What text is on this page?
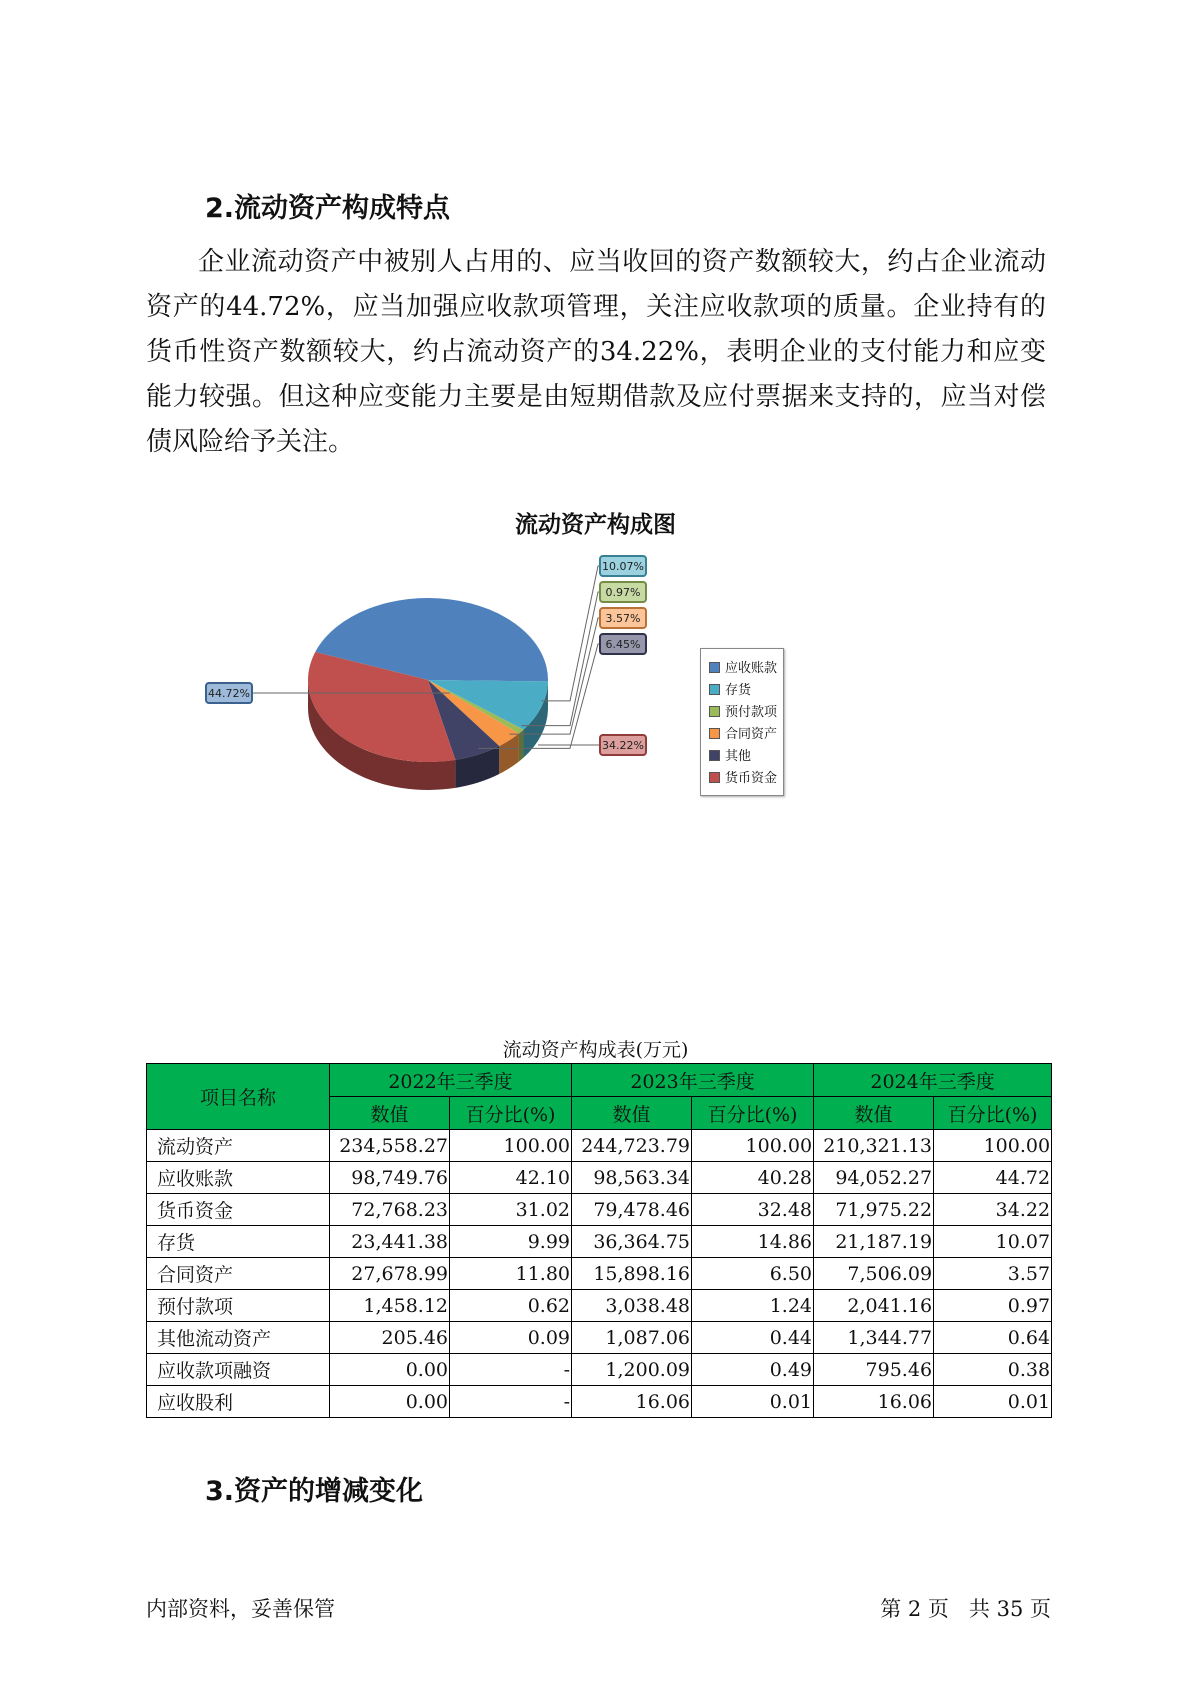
2.流动资产构成特点

企业流动资产中被别人占用的、应当收回的资产数额较大，约占企业流动资产的44.72%，应当加强应收款项管理，关注应收款项的质量。企业持有的货币性资产数额较大，约占流动资产的34.22%，表明企业的支付能力和应变能力较强。但这种应变能力主要是由短期借款及应付票据来支持的，应当对偿债风险给予关注。

流动资产构成图
44.72%
10.07%
0.97%
3.57%
6.45%
34.22%
应收账款
存货
预付款项
合同资产
其他
货币资金
流动资产构成表(万元)
项目名称	2022年三季度		2023年三季度		2024年三季度	
	数值	百分比(%)	数值	百分比(%)	数值	百分比(%)
流动资产	234,558.27	100.00	244,723.79	100.00	210,321.13	100.00
应收账款	98,749.76	42.10	98,563.34	40.28	94,052.27	44.72
货币资金	72,768.23	31.02	79,478.46	32.48	71,975.22	34.22
存货	23,441.38	9.99	36,364.75	14.86	21,187.19	10.07
合同资产	27,678.99	11.80	15,898.16	6.50	7,506.09	3.57
预付款项	1,458.12	0.62	3,038.48	1.24	2,041.16	0.97
其他流动资产	205.46	0.09	1,087.06	0.44	1,344.77	0.64
应收款项融资	0.00	-	1,200.09	0.49	795.46	0.38
应收股利	0.00	-	16.06	0.01	16.06	0.01
3.资产的增减变化
内部资料，妥善保管	第 2 页   共 35 页
